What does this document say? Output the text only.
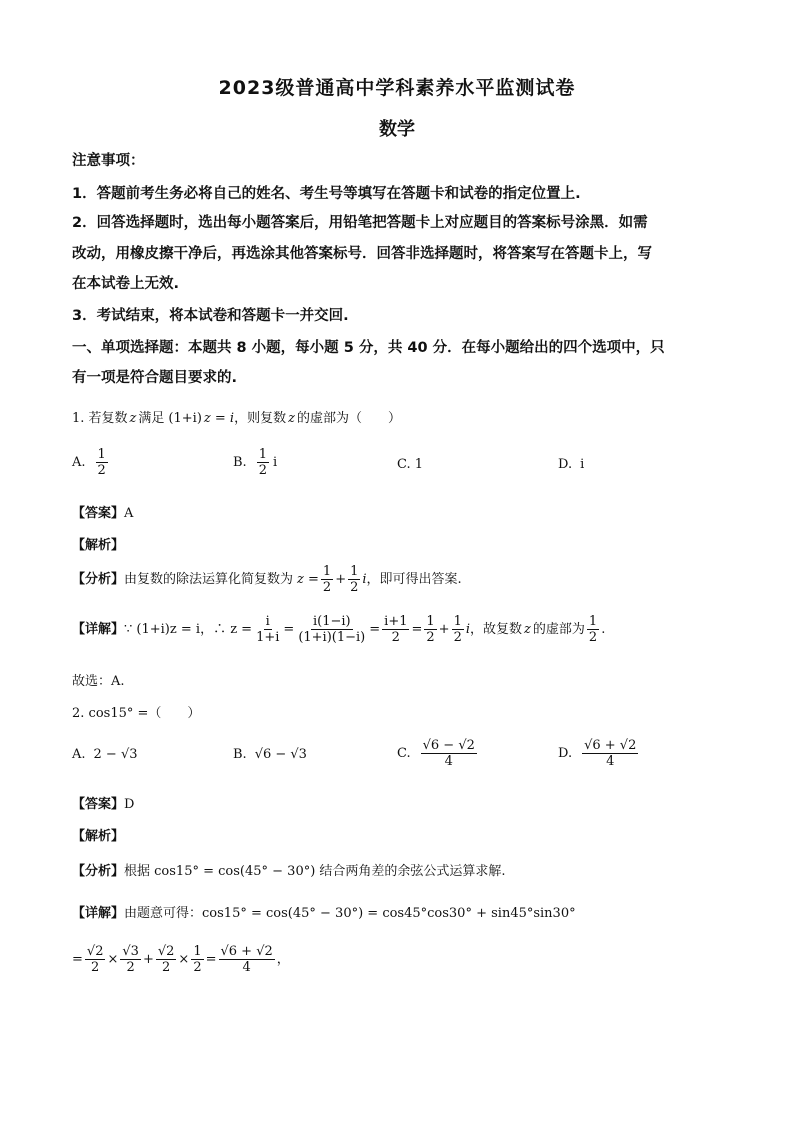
2023级普通高中学科素养水平监测试卷
数学
注意事项：
1．答题前考生务必将自己的姓名、考生号等填写在答题卡和试卷的指定位置上.
2．回答选择题时，选出每小题答案后，用铅笔把答题卡上对应题目的答案标号涂黑．如需
改动，用橡皮擦干净后，再选涂其他答案标号．回答非选择题时，将答案写在答题卡上，写
在本试卷上无效.
3．考试结束，将本试卷和答题卡一并交回.
一、单项选择题：本题共 8 小题，每小题 5 分，共 40 分．在每小题给出的四个选项中，只
有一项是符合题目要求的.
1. 若复数 z 满足 (1+i) z = i ，则复数 z 的虚部为（　　）
A. $\frac{1}{2}$	B. $\frac{1}{2}$ i	C. 1	D. i
【答案】A
【解析】
【分析】 由复数的除法运算化简复数为 $z = \frac{1}{2} + \frac{1}{2}$ i ，即可得出答案.
【详解】 ∵ (1+i)z = i ，∴ $z = \frac{i}{1+i} = \frac{i(1-i)}{(1+i)(1-i)} = \frac{i+1}{2} = \frac{1}{2} + \frac{1}{2}$ i ，故复数 z 的虚部为 $\frac{1}{2}$ .
故选：A.
2. cos15° =（　　）
A. 2 − √3	B. √6 − √3	C. $\frac{√6 - √2}{4}$	D. $\frac{√6 + √2}{4}$
【答案】D
【解析】
【分析】根据 cos15° = cos(45° − 30°) 结合两角差的余弦公式运算求解.
【详解】由题意可得：cos15° = cos(45° − 30°) = cos45°cos30° + sin45°sin30°
= $\frac{√2}{2} \times \frac{√3}{2} + \frac{√2}{2} \times \frac{1}{2} = \frac{√6 + √2}{4}$ ，
